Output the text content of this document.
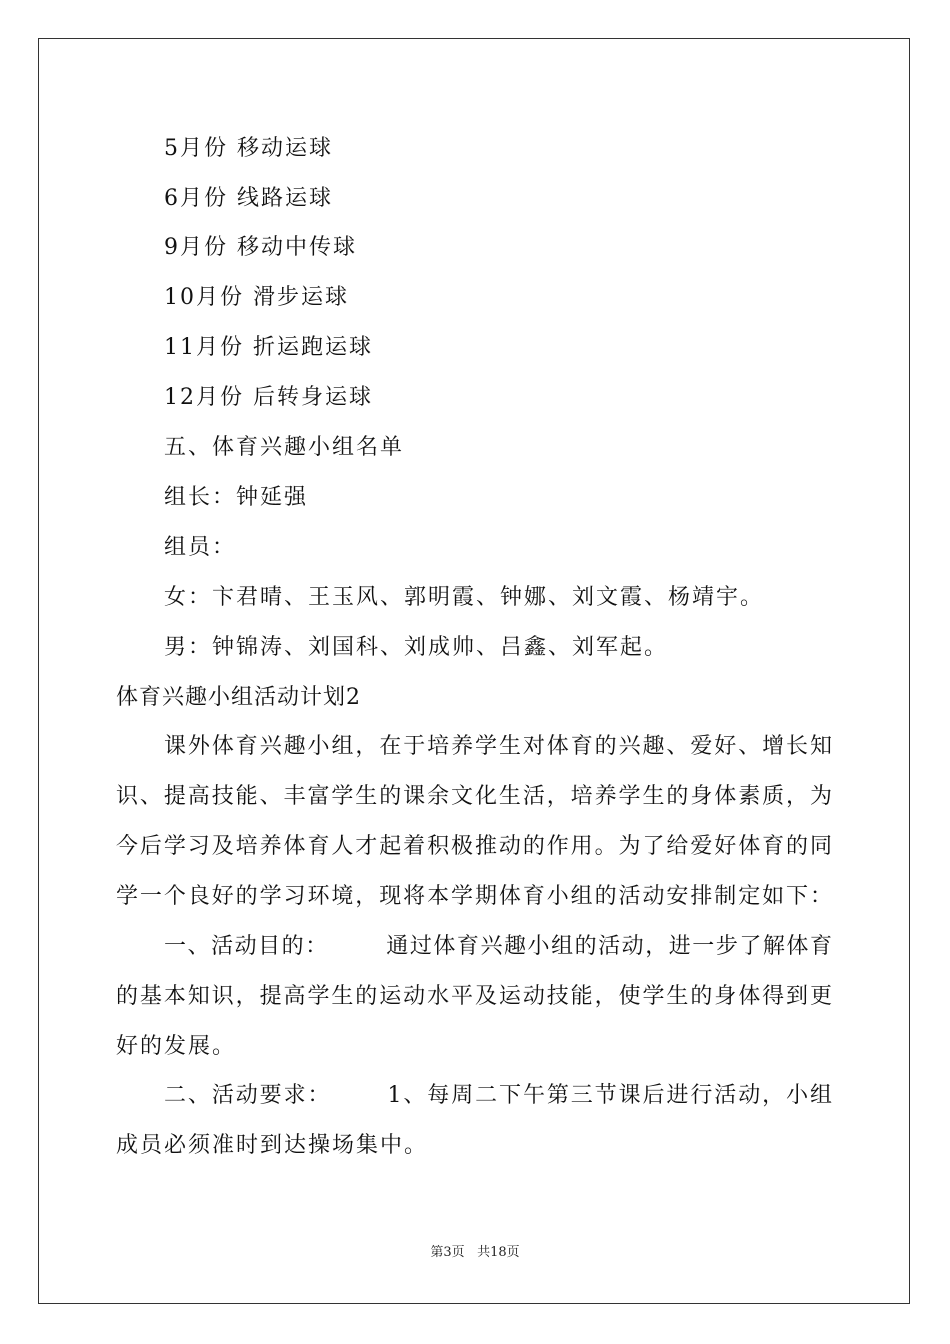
5月份 移动运球
6月份 线路运球
9月份 移动中传球
10月份 滑步运球
11月份 折运跑运球
12月份 后转身运球
五、体育兴趣小组名单
组长：钟延强
组员：
女：卞君晴、王玉风、郭明霞、钟娜、刘文霞、杨靖宇。
男：钟锦涛、刘国科、刘成帅、吕鑫、刘军起。
体育兴趣小组活动计划2
课外体育兴趣小组，在于培养学生对体育的兴趣、爱好、增长知
识、提高技能、丰富学生的课余文化生活，培养学生的身体素质，为
今后学习及培养体育人才起着积极推动的作用。为了给爱好体育的同
学一个良好的学习环境，现将本学期体育小组的活动安排制定如下：
一、活动目的：	通过体育兴趣小组的活动，进一步了解体育
的基本知识，提高学生的运动水平及运动技能，使学生的身体得到更
好的发展。
二、活动要求：	1、每周二下午第三节课后进行活动，小组
成员必须准时到达操场集中。
第3页 共18页
